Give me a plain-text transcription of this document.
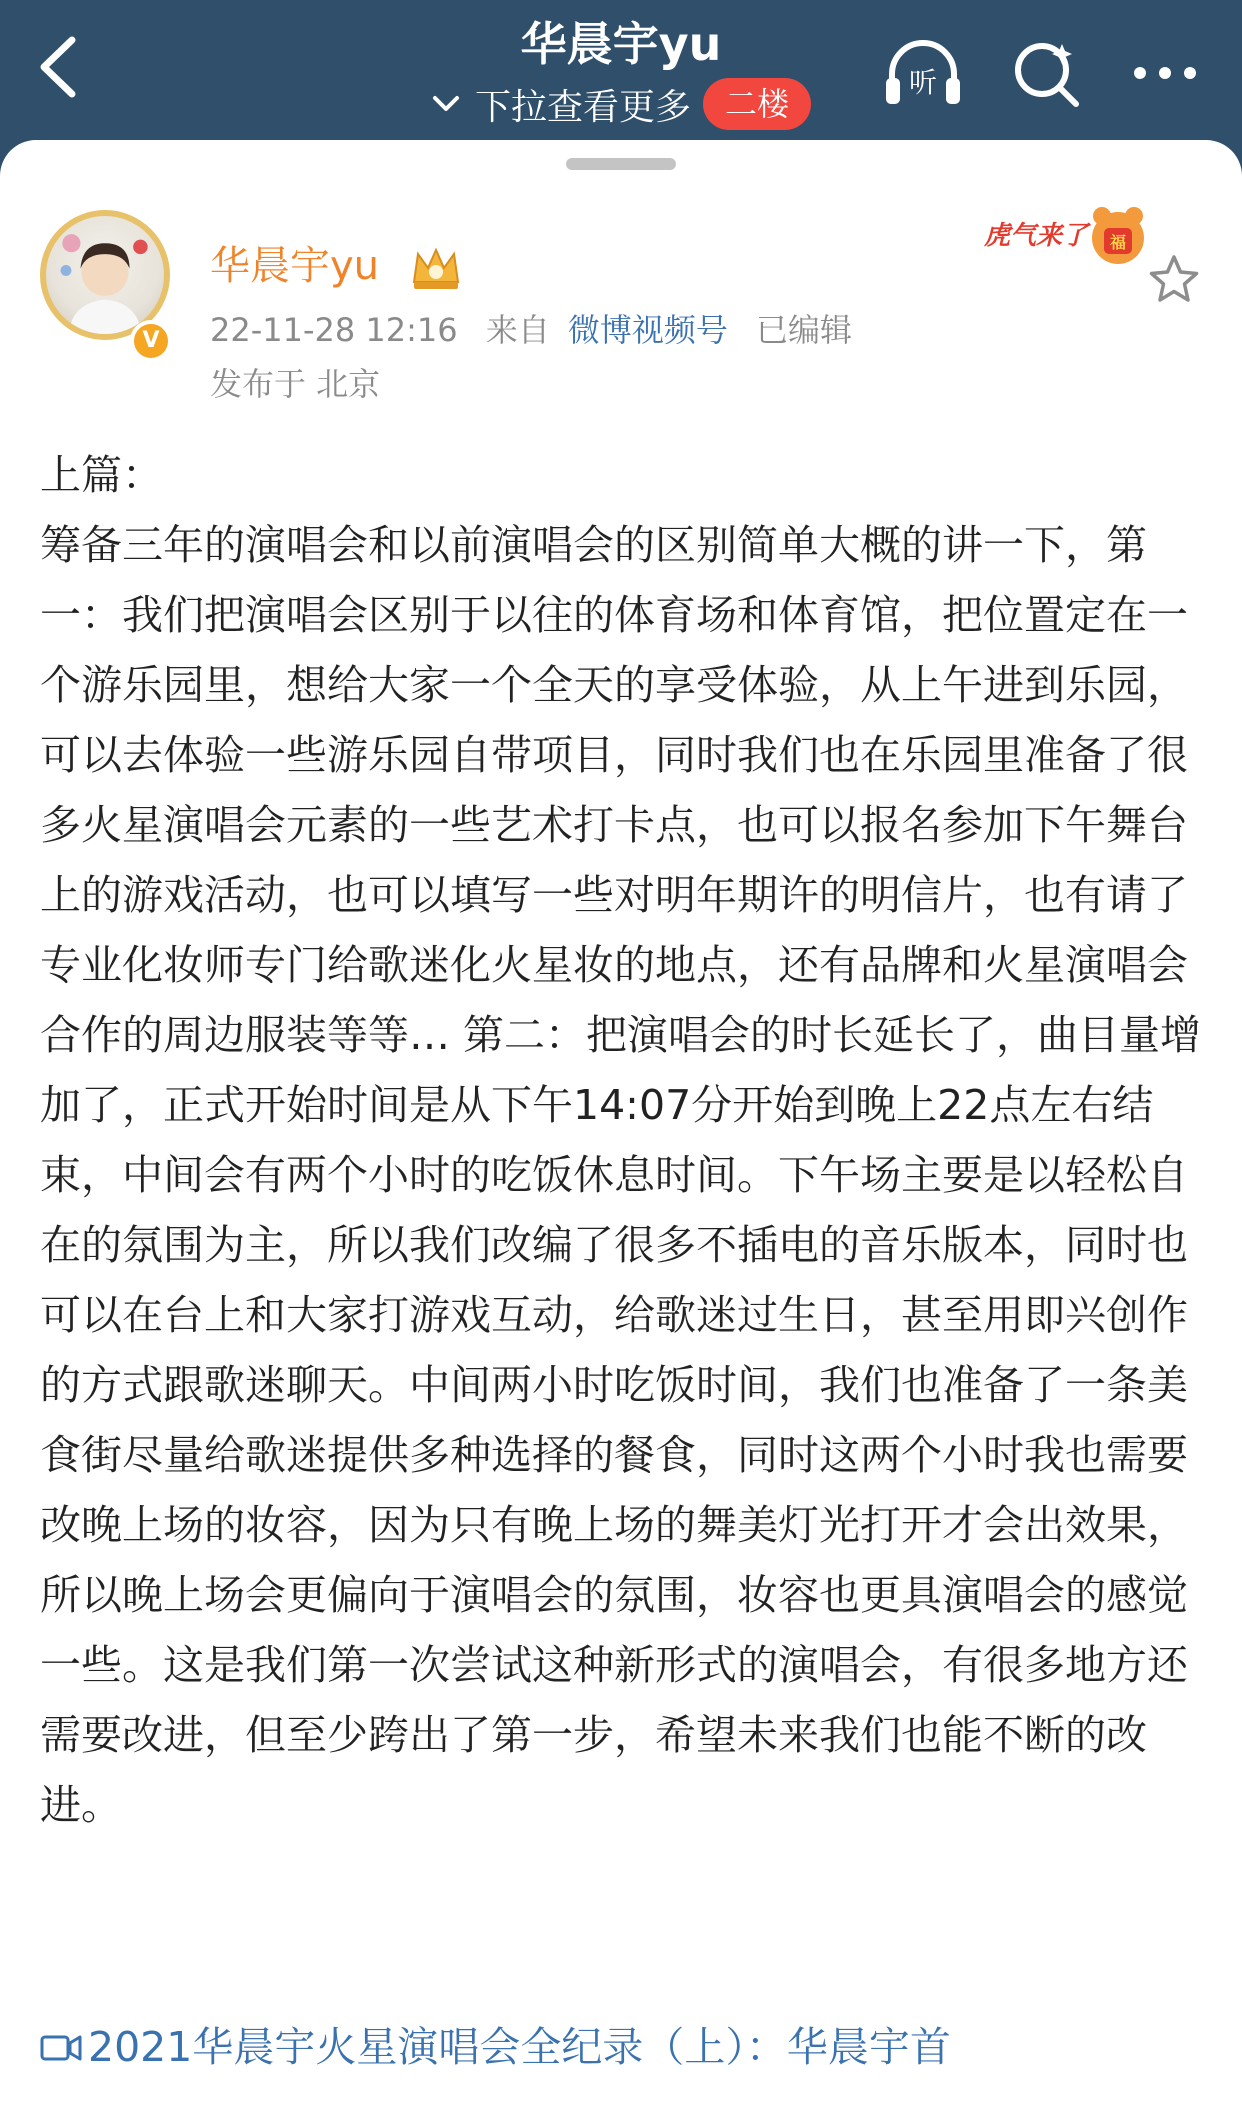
华晨宇yu
下拉查看更多	二楼
听
V
华晨宇yu
22-11-28 12:16 来自 微博视频号 已编辑
发布于 北京
虎气来了 福
上篇：
筹备三年的演唱会和以前演唱会的区别简单大概的讲一下，第一：我们把演唱会区别于以往的体育场和体育馆，把位置定在一个游乐园里，想给大家一个全天的享受体验，从上午进到乐园，可以去体验一些游乐园自带项目，同时我们也在乐园里准备了很多火星演唱会元素的一些艺术打卡点，也可以报名参加下午舞台上的游戏活动，也可以填写一些对明年期许的明信片，也有请了专业化妆师专门给歌迷化火星妆的地点，还有品牌和火星演唱会合作的周边服装等等… 第二：把演唱会的时长延长了，曲目量增加了，正式开始时间是从下午14:07分开始到晚上22点左右结束，中间会有两个小时的吃饭休息时间。下午场主要是以轻松自在的氛围为主，所以我们改编了很多不插电的音乐版本，同时也可以在台上和大家打游戏互动，给歌迷过生日，甚至用即兴创作的方式跟歌迷聊天。中间两小时吃饭时间，我们也准备了一条美食街尽量给歌迷提供多种选择的餐食，同时这两个小时我也需要改晚上场的妆容，因为只有晚上场的舞美灯光打开才会出效果，所以晚上场会更偏向于演唱会的氛围，妆容也更具演唱会的感觉一些。这是我们第一次尝试这种新形式的演唱会，有很多地方还需要改进，但至少跨出了第一步，希望未来我们也能不断的改进。
2021华晨宇火星演唱会全纪录（上）：华晨宇首
